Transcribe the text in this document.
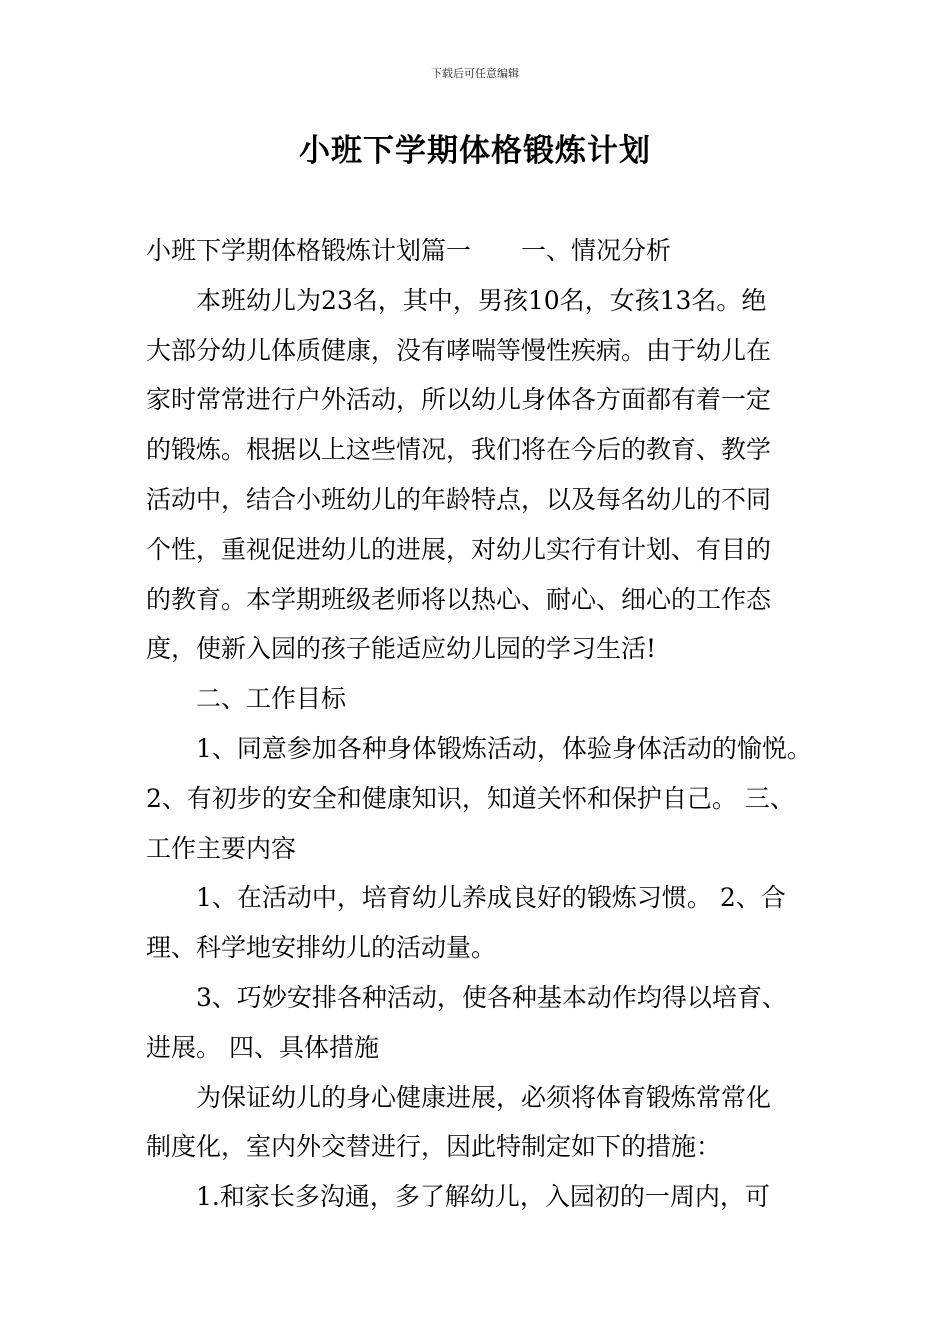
下载后可任意编辑
小班下学期体格锻炼计划

小班下学期体格锻炼计划篇一　　一、情况分析

　　本班幼儿为23名，其中，男孩10名，女孩13名。绝

大部分幼儿体质健康，没有哮喘等慢性疾病。由于幼儿在

家时常常进行户外活动，所以幼儿身体各方面都有着一定

的锻炼。根据以上这些情况，我们将在今后的教育、教学

活动中，结合小班幼儿的年龄特点，以及每名幼儿的不同

个性，重视促进幼儿的进展，对幼儿实行有计划、有目的

的教育。本学期班级老师将以热心、耐心、细心的工作态

度，使新入园的孩子能适应幼儿园的学习生活!

　　二、工作目标

　　1、同意参加各种身体锻炼活动，体验身体活动的愉悦。

2、有初步的安全和健康知识，知道关怀和保护自己。 三、

工作主要内容

　　1、在活动中，培育幼儿养成良好的锻炼习惯。 2、合

理、科学地安排幼儿的活动量。

　　3、巧妙安排各种活动，使各种基本动作均得以培育、

进展。 四、具体措施

　　为保证幼儿的身心健康进展，必须将体育锻炼常常化

制度化，室内外交替进行，因此特制定如下的措施：

　　1.和家长多沟通，多了解幼儿，入园初的一周内，可
